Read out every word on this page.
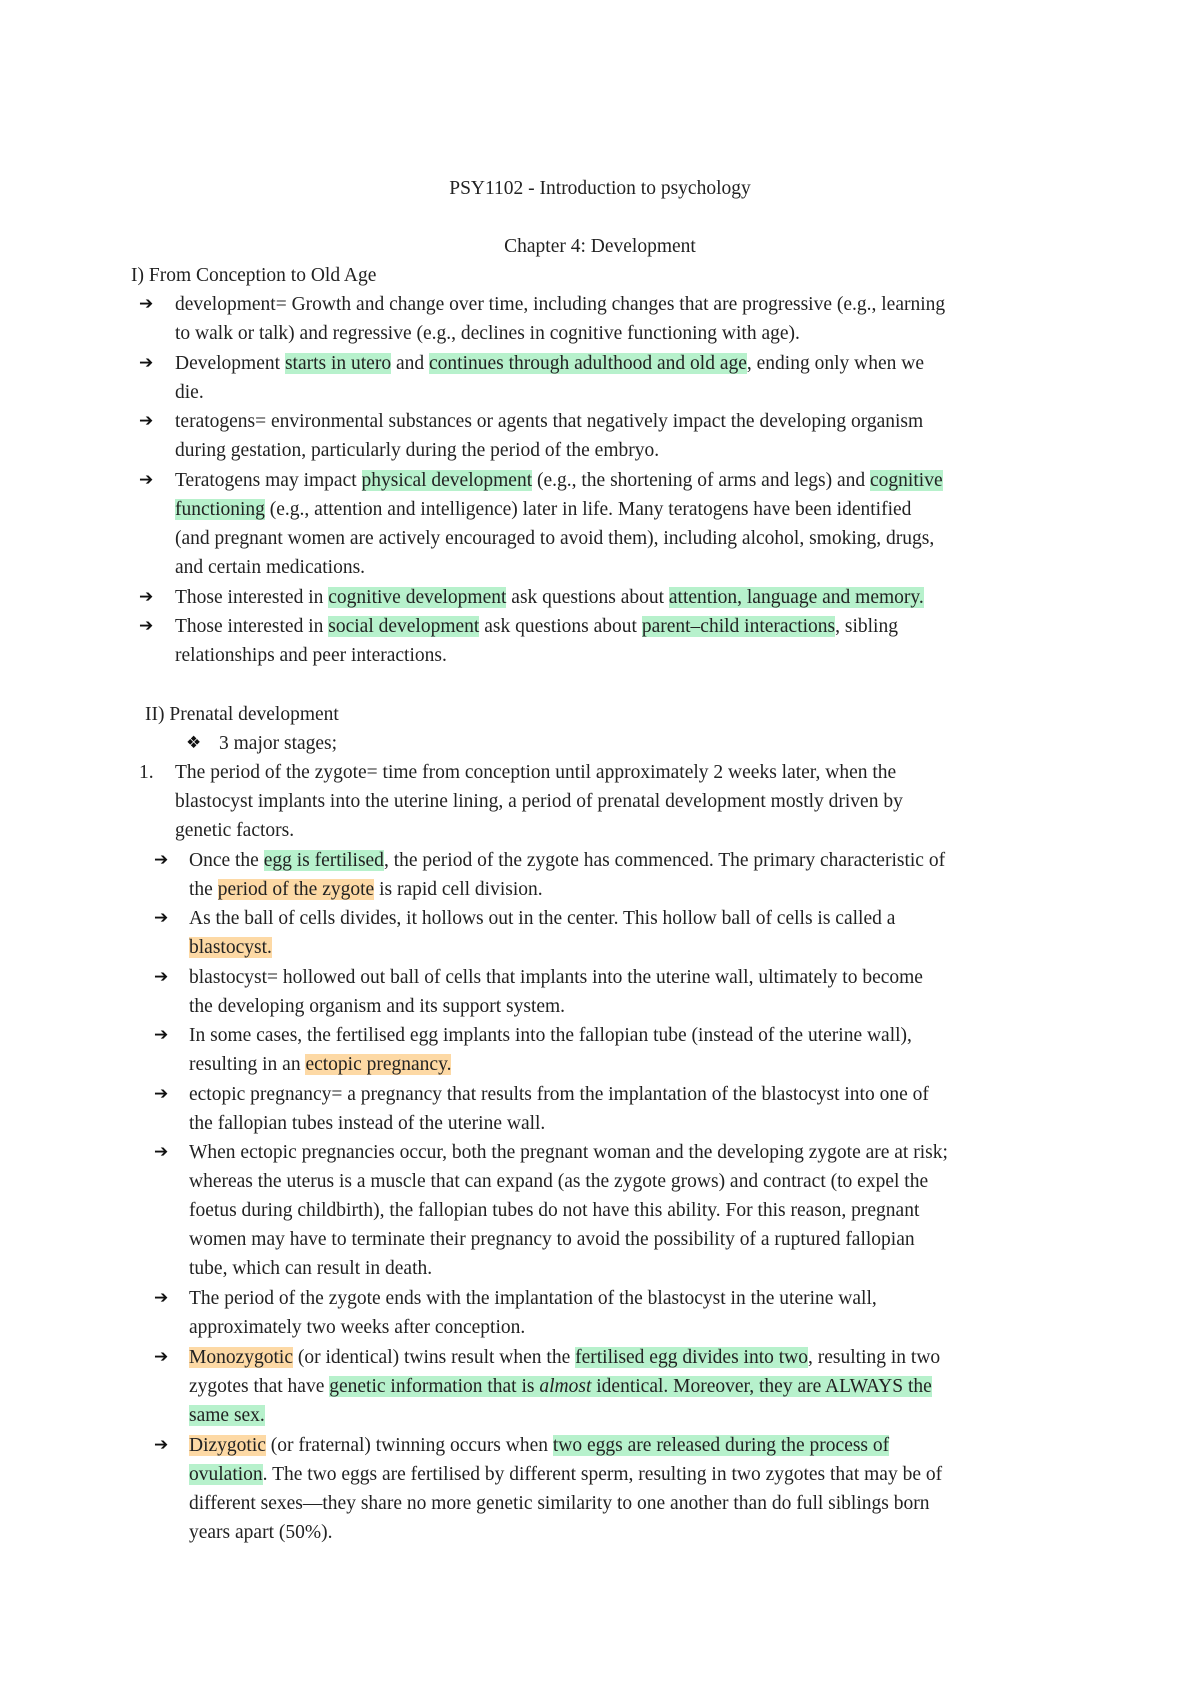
PSY1102 - Introduction to psychology
Chapter 4: Development
I) From Conception to Old Age
➔ development= Growth and change over time, including changes that are progressive (e.g., learning
to walk or talk) and regressive (e.g., declines in cognitive functioning with age).
➔ Development starts in utero and continues through adulthood and old age, ending only when we
die.
➔ teratogens= environmental substances or agents that negatively impact the developing organism
during gestation, particularly during the period of the embryo.
➔ Teratogens may impact physical development (e.g., the shortening of arms and legs) and cognitive
functioning (e.g., attention and intelligence) later in life. Many teratogens have been identified
(and pregnant women are actively encouraged to avoid them), including alcohol, smoking, drugs,
and certain medications.
➔ Those interested in cognitive development ask questions about attention, language and memory.
➔ Those interested in social development ask questions about parent–child interactions, sibling
relationships and peer interactions.
II) Prenatal development
❖ 3 major stages;
1. The period of the zygote= time from conception until approximately 2 weeks later, when the
blastocyst implants into the uterine lining, a period of prenatal development mostly driven by
genetic factors.
➔ Once the egg is fertilised, the period of the zygote has commenced. The primary characteristic of
the period of the zygote is rapid cell division.
➔ As the ball of cells divides, it hollows out in the center. This hollow ball of cells is called a
blastocyst.
➔ blastocyst= hollowed out ball of cells that implants into the uterine wall, ultimately to become
the developing organism and its support system.
➔ In some cases, the fertilised egg implants into the fallopian tube (instead of the uterine wall),
resulting in an ectopic pregnancy.
➔ ectopic pregnancy= a pregnancy that results from the implantation of the blastocyst into one of
the fallopian tubes instead of the uterine wall.
➔ When ectopic pregnancies occur, both the pregnant woman and the developing zygote are at risk;
whereas the uterus is a muscle that can expand (as the zygote grows) and contract (to expel the
foetus during childbirth), the fallopian tubes do not have this ability. For this reason, pregnant
women may have to terminate their pregnancy to avoid the possibility of a ruptured fallopian
tube, which can result in death.
➔ The period of the zygote ends with the implantation of the blastocyst in the uterine wall,
approximately two weeks after conception.
➔ Monozygotic (or identical) twins result when the fertilised egg divides into two, resulting in two
zygotes that have genetic information that is almost identical. Moreover, they are ALWAYS the
same sex.
➔ Dizygotic (or fraternal) twinning occurs when two eggs are released during the process of
ovulation. The two eggs are fertilised by different sperm, resulting in two zygotes that may be of
different sexes—they share no more genetic similarity to one another than do full siblings born
years apart (50%).
